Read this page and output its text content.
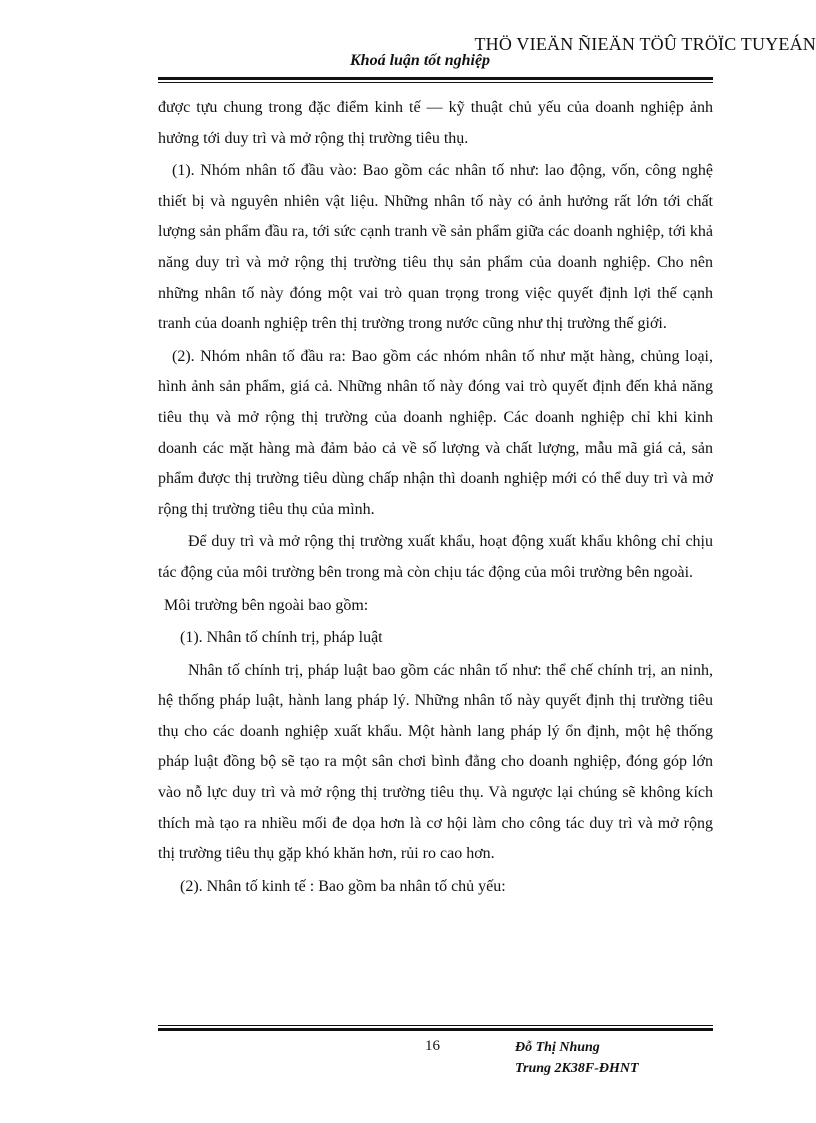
THÖ VIEÄN ÑIEÄN TÖÛ TRÖÏC TUYEÁN
Khoá luận tốt nghiệp

được tựu chung trong đặc điểm kinh tế — kỹ thuật chủ yếu của doanh nghiệp ảnh hưởng tới duy trì và mở rộng thị trường tiêu thụ.

(1). Nhóm nhân tố đầu vào: Bao gồm các nhân tố như: lao động, vốn, công nghệ thiết bị và nguyên nhiên vật liệu. Những nhân tố này có ảnh hưởng rất lớn tới chất lượng sản phẩm đầu ra, tới sức cạnh tranh về sản phẩm giữa các doanh nghiệp, tới khả năng duy trì và mở rộng thị trường tiêu thụ sản phẩm của doanh nghiệp. Cho nên những nhân tố này đóng một vai trò quan trọng trong việc quyết định lợi thế cạnh tranh của doanh nghiệp trên thị trường trong nước cũng như thị trường thế giới.

(2). Nhóm nhân tố đầu ra: Bao gồm các nhóm nhân tố như mặt hàng, chủng loại, hình ảnh sản phẩm, giá cả. Những nhân tố này đóng vai trò quyết định đến khả năng tiêu thụ và mở rộng thị trường của doanh nghiệp. Các doanh nghiệp chỉ khi kinh doanh các mặt hàng mà đảm bảo cả về số lượng và chất lượng, mẫu mã giá cả, sản phẩm được thị trường tiêu dùng chấp nhận thì doanh nghiệp mới có thể duy trì và mở rộng thị trường tiêu thụ của mình.

Để duy trì và mở rộng thị trường xuất khẩu, hoạt động xuất khẩu không chỉ chịu tác động của môi trường bên trong mà còn chịu tác động của môi trường bên ngoài.

Môi trường bên ngoài bao gồm:

(1). Nhân tố chính trị, pháp luật

Nhân tố chính trị, pháp luật bao gồm các nhân tố như: thể chế chính trị, an ninh, hệ thống pháp luật, hành lang pháp lý. Những nhân tố này quyết định thị trường tiêu thụ cho các doanh nghiệp xuất khẩu. Một hành lang pháp lý ổn định, một hệ thống pháp luật đồng bộ sẽ tạo ra một sân chơi bình đẳng cho doanh nghiệp, đóng góp lớn vào nỗ lực duy trì và mở rộng thị trường tiêu thụ. Và ngược lại chúng sẽ không kích thích mà tạo ra nhiều mối đe dọa hơn là cơ hội làm cho công tác duy trì và mở rộng thị trường tiêu thụ gặp khó khăn hơn, rủi ro cao hơn.

(2). Nhân tố kinh tế : Bao gồm ba nhân tố chủ yếu:

16	Đỗ Thị Nhung
Trung 2K38F-ĐHNT
